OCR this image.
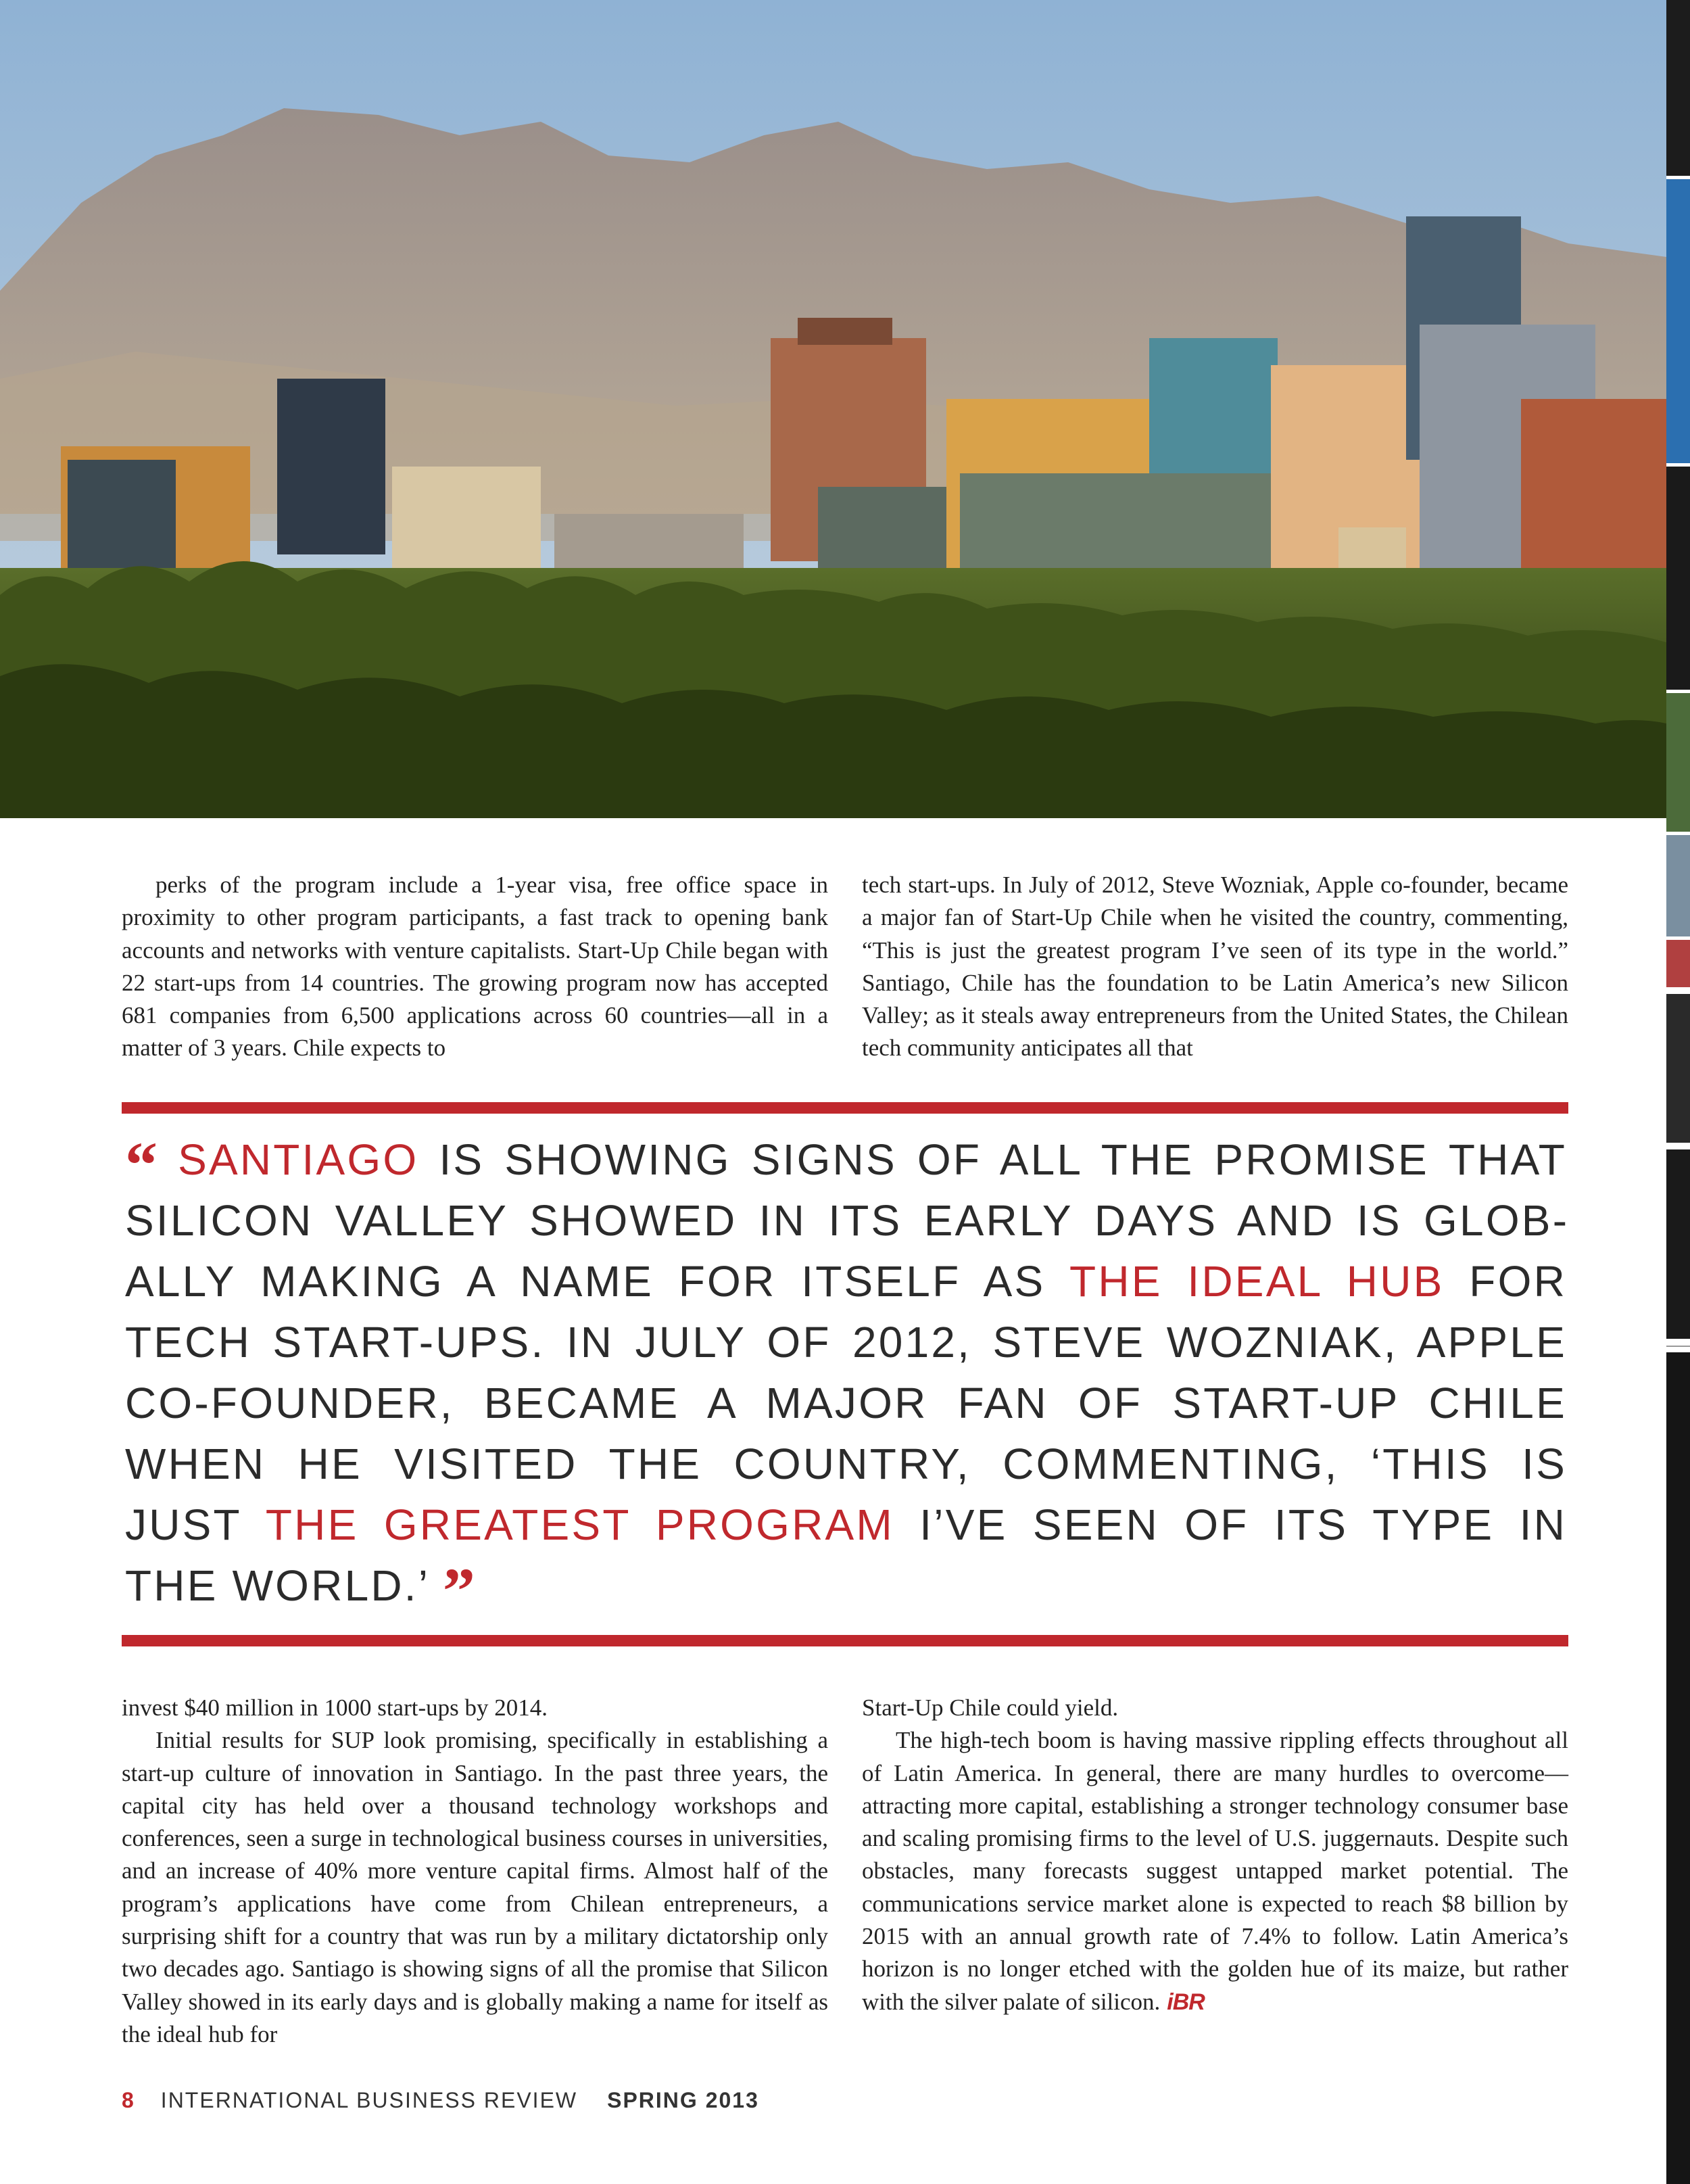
perks of the program include a 1-year visa, free office space in proximity to other program participants, a fast track to opening bank accounts and networks with venture capitalists. Start-Up Chile began with 22 start-ups from 14 countries. The growing program now has accepted 681 companies from 6,500 applications across 60 countries—all in a matter of 3 years. Chile expects to

tech start-ups. In July of 2012, Steve Wozniak, Apple co-founder, became a major fan of Start-Up Chile when he visited the country, commenting, “This is just the greatest program I’ve seen of its type in the world.” Santiago, Chile has the foundation to be Latin America’s new Silicon Valley; as it steals away entrepreneurs from the United States, the Chilean tech community anticipates all that

“ SANTIAGO IS SHOWING SIGNS OF ALL THE PROMISE THAT SILICON VALLEY SHOWED IN ITS EARLY DAYS AND IS GLOBALLY MAKING A NAME FOR ITSELF AS THE IDEAL HUB FOR TECH START-UPS. IN JULY OF 2012, STEVE WOZNIAK, APPLE CO-FOUNDER, BECAME A MAJOR FAN OF START-UP CHILE WHEN HE VISITED THE COUNTRY, COMMENTING, ‘THIS IS JUST THE GREATEST PROGRAM I’VE SEEN OF ITS TYPE IN THE WORLD.’ ”

invest $40 million in 1000 start-ups by 2014.

Initial results for SUP look promising, specifically in establishing a start-up culture of innovation in Santiago. In the past three years, the capital city has held over a thousand technology workshops and conferences, seen a surge in technological business courses in universities, and an increase of 40% more venture capital firms. Almost half of the program’s applications have come from Chilean entrepreneurs, a surprising shift for a country that was run by a military dictatorship only two decades ago. Santiago is showing signs of all the promise that Silicon Valley showed in its early days and is globally making a name for itself as the ideal hub for

Start-Up Chile could yield.

The high-tech boom is having massive rippling effects throughout all of Latin America. In general, there are many hurdles to overcome—attracting more capital, establishing a stronger technology consumer base and scaling promising firms to the level of U.S. juggernauts. Despite such obstacles, many forecasts suggest untapped market potential. The communications service market alone is expected to reach $8 billion by 2015 with an annual growth rate of 7.4% to follow. Latin America’s horizon is no longer etched with the golden hue of its maize, but rather with the silver palate of silicon. iBR

8 INTERNATIONAL BUSINESS REVIEW SPRING 2013
